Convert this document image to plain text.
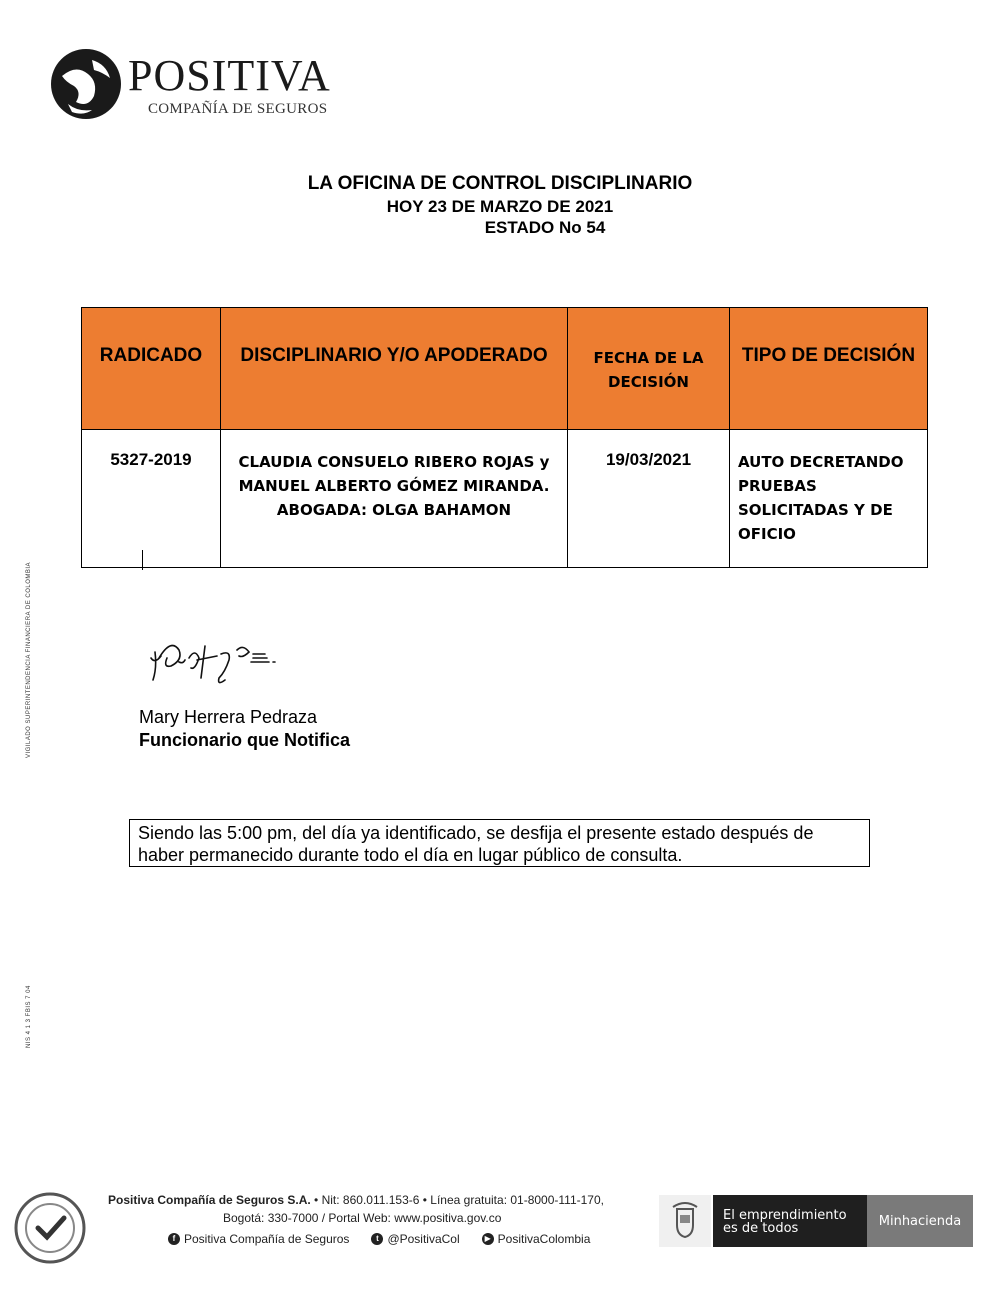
POSITIVA
COMPAÑÍA DE SEGUROS
LA OFICINA DE CONTROL DISCIPLINARIO
HOY 23 DE MARZO DE 2021
ESTADO No 54
RADICADO	DISCIPLINARIO Y/O APODERADO	FECHA DE LA DECISIÓN	TIPO DE DECISIÓN
5327-2019	CLAUDIA CONSUELO RIBERO ROJAS y MANUEL ALBERTO GÓMEZ MIRANDA. ABOGADA: OLGA BAHAMON	19/03/2021	AUTO DECRETANDO PRUEBAS SOLICITADAS Y DE OFICIO
VIGILADO SUPERINTENDENCIA FINANCIERA DE COLOMBIA
NIS 4 1 3 FBIS 7 04
Mary Herrera Pedraza
Funcionario que Notifica
Siendo las 5:00 pm, del día ya identificado, se desfija el presente estado después de haber permanecido durante todo el día en lugar público de consulta.
Positiva Compañía de Seguros S.A. • Nit: 860.011.153-6 • Línea gratuita: 01-8000-111-170,
Bogotá: 330-7000 / Portal Web: www.positiva.gov.co
f Positiva Compañía de Seguros	t @PositivaCol	▶ PositivaColombia
El emprendimiento
es de todos	Minhacienda
